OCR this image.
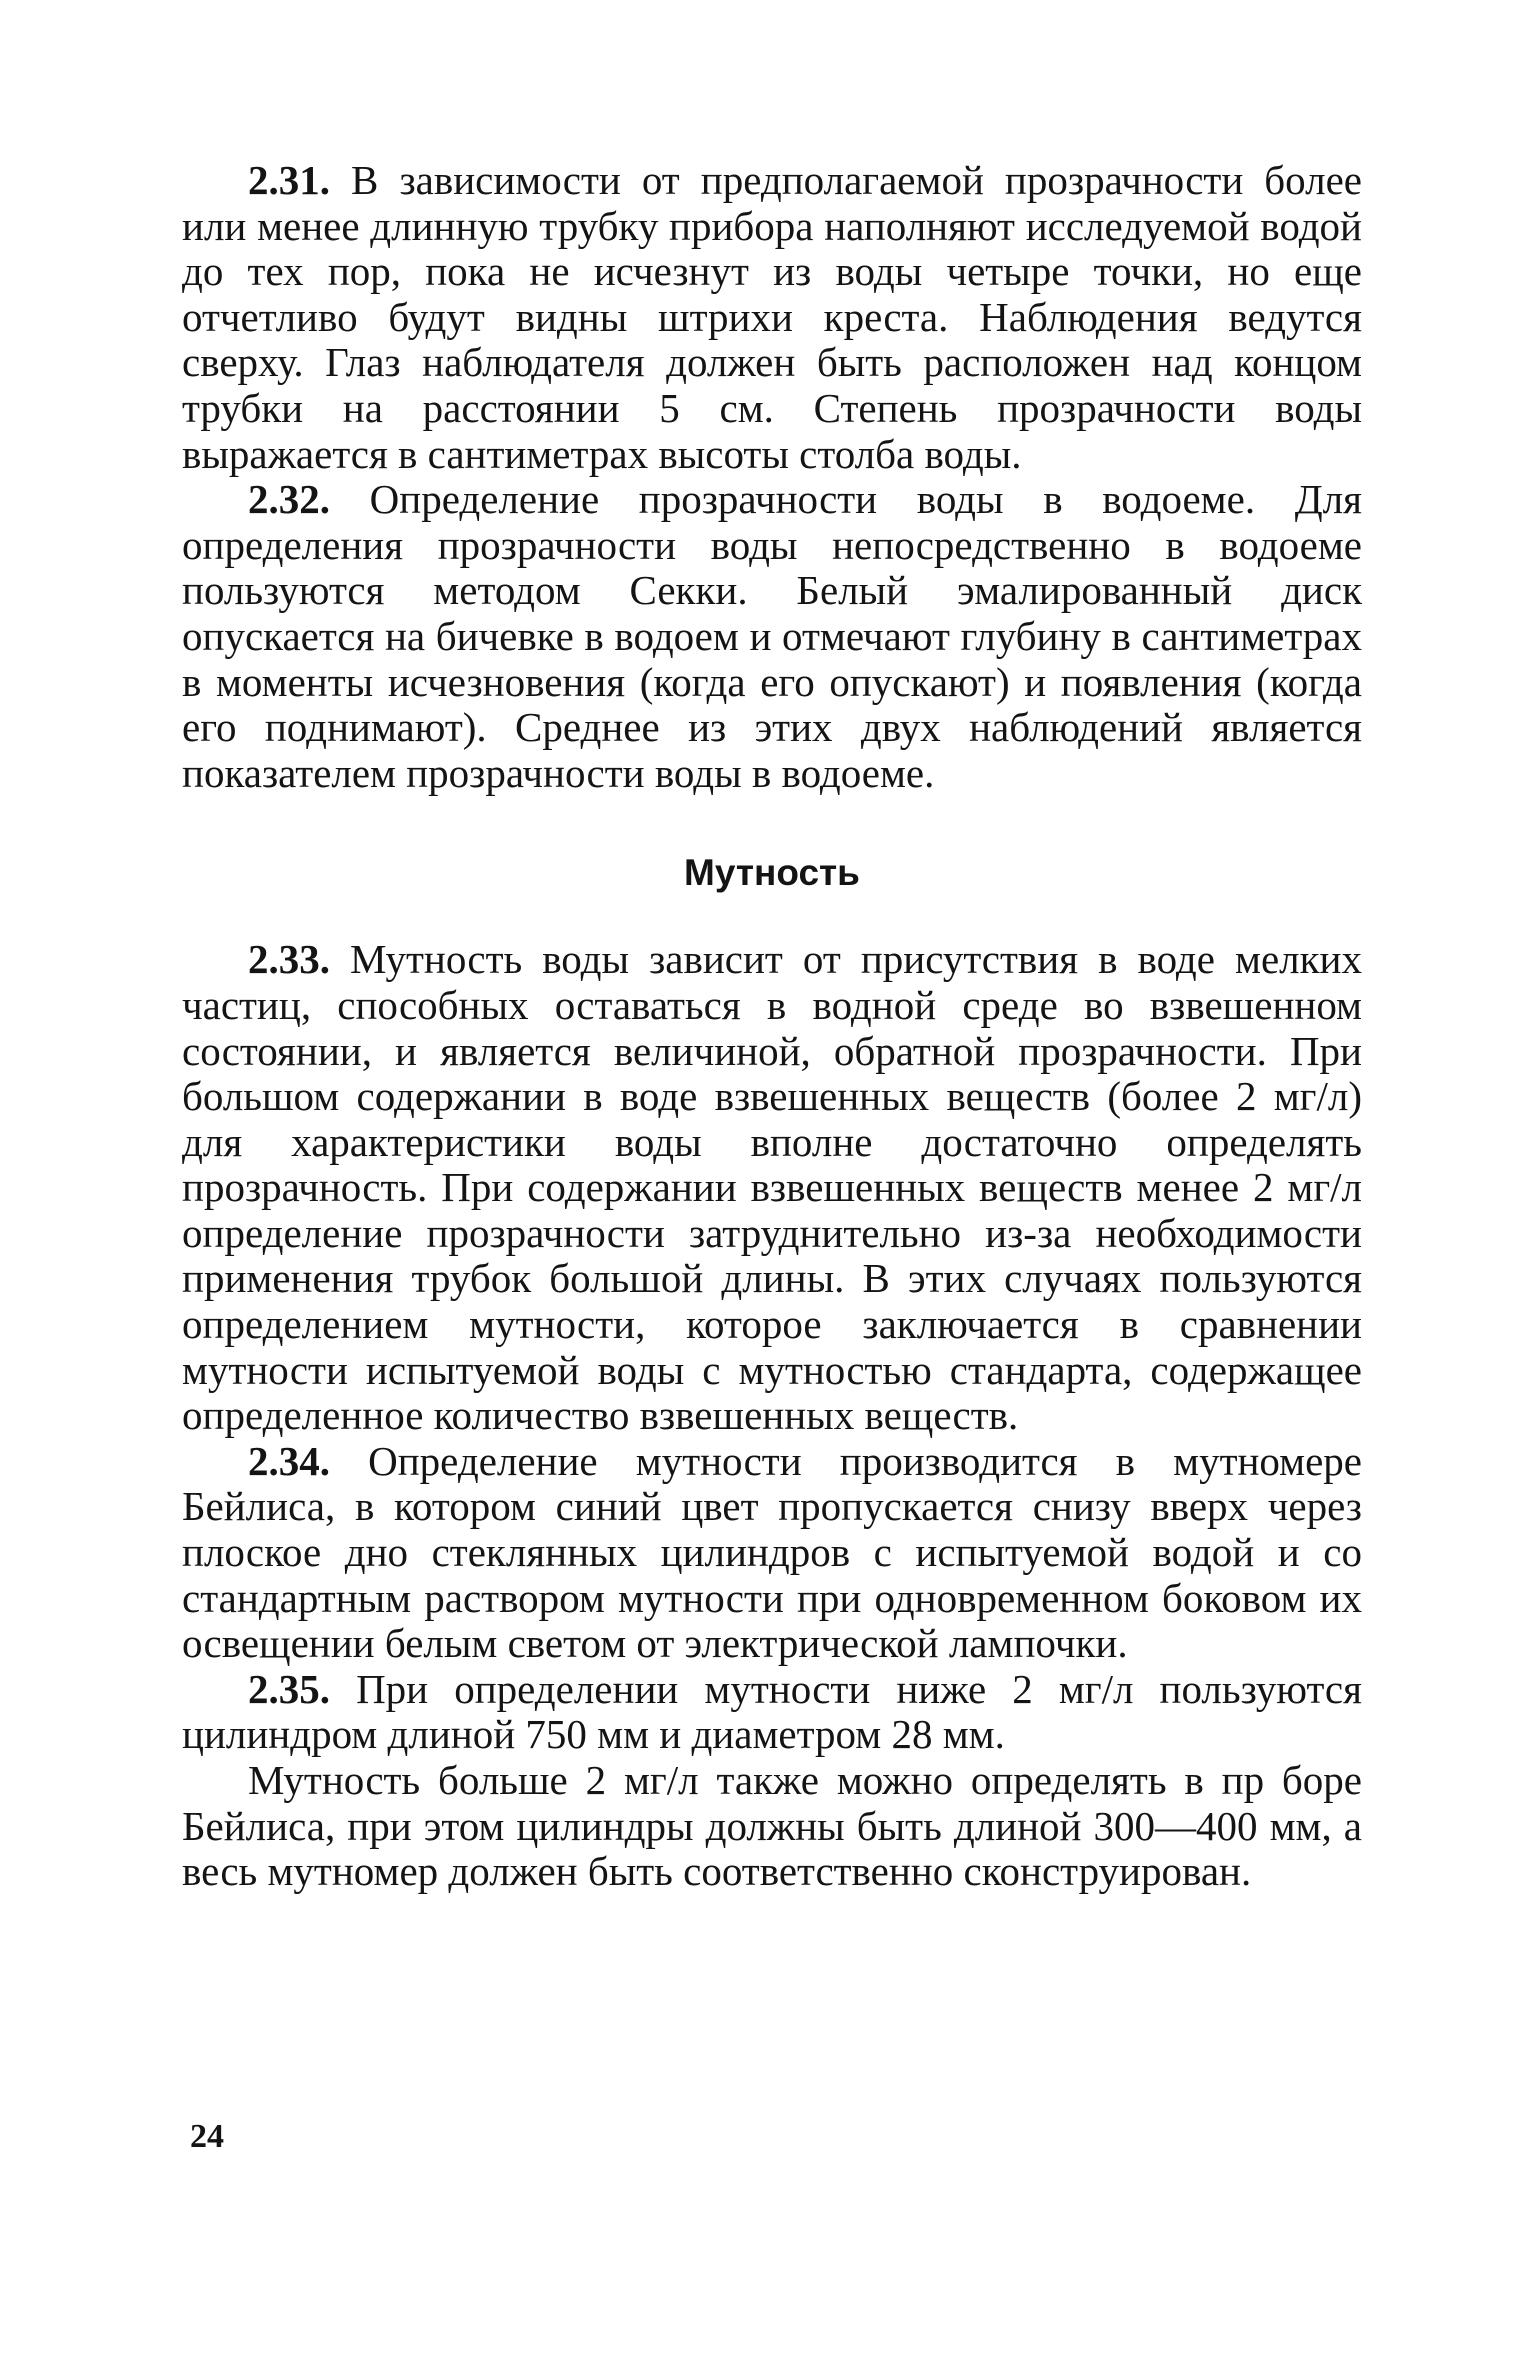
2.31. В зависимости от предполагаемой прозрачности более или менее длинную трубку прибора наполняют исследуемой водой до тех пор, пока не исчезнут из воды четыре точки, но еще отчетливо будут видны штрихи креста. Наблюдения ведутся сверху. Глаз наблюдателя должен быть расположен над концом трубки на расстоянии 5 см. Степень прозрачности воды выражается в сантиметрах высоты столба воды.

2.32. Определение прозрачности воды в водоеме. Для определения прозрачности воды непосредственно в водоеме пользуются методом Секки. Белый эмалированный диск опускается на бичевке в водоем и отмечают глубину в сантиметрах в моменты исчезновения (когда его опускают) и появления (когда его поднимают). Среднее из этих двух наблюдений является показателем прозрачности воды в водоеме.

Мутность

2.33. Мутность воды зависит от присутствия в воде мелких частиц, способных оставаться в водной среде во взвешенном состоянии, и является величиной, обратной прозрачности. При большом содержании в воде взвешенных веществ (более 2 мг/л) для характеристики воды вполне достаточно определять прозрачность. При содержании взвешенных веществ менее 2 мг/л определение прозрачности затруднительно из-за необходимости применения трубок большой длины. В этих случаях пользуются определением мутности, которое заключается в сравнении мутности испытуемой воды с мутностью стандарта, содержащее определенное количество взвешенных веществ.

2.34. Определение мутности производится в мутномере Бейлиса, в котором синий цвет пропускается снизу вверх через плоское дно стеклянных цилиндров с испытуемой водой и со стандартным раствором мутности при одновременном боковом их освещении белым светом от электрической лампочки.

2.35. При определении мутности ниже 2 мг/л пользуются цилиндром длиной 750 мм и диаметром 28 мм.

Мутность больше 2 мг/л также можно определять в пр боре Бейлиса, при этом цилиндры должны быть длиной 300—400 мм, а весь мутномер должен быть соответственно сконструирован.

24
